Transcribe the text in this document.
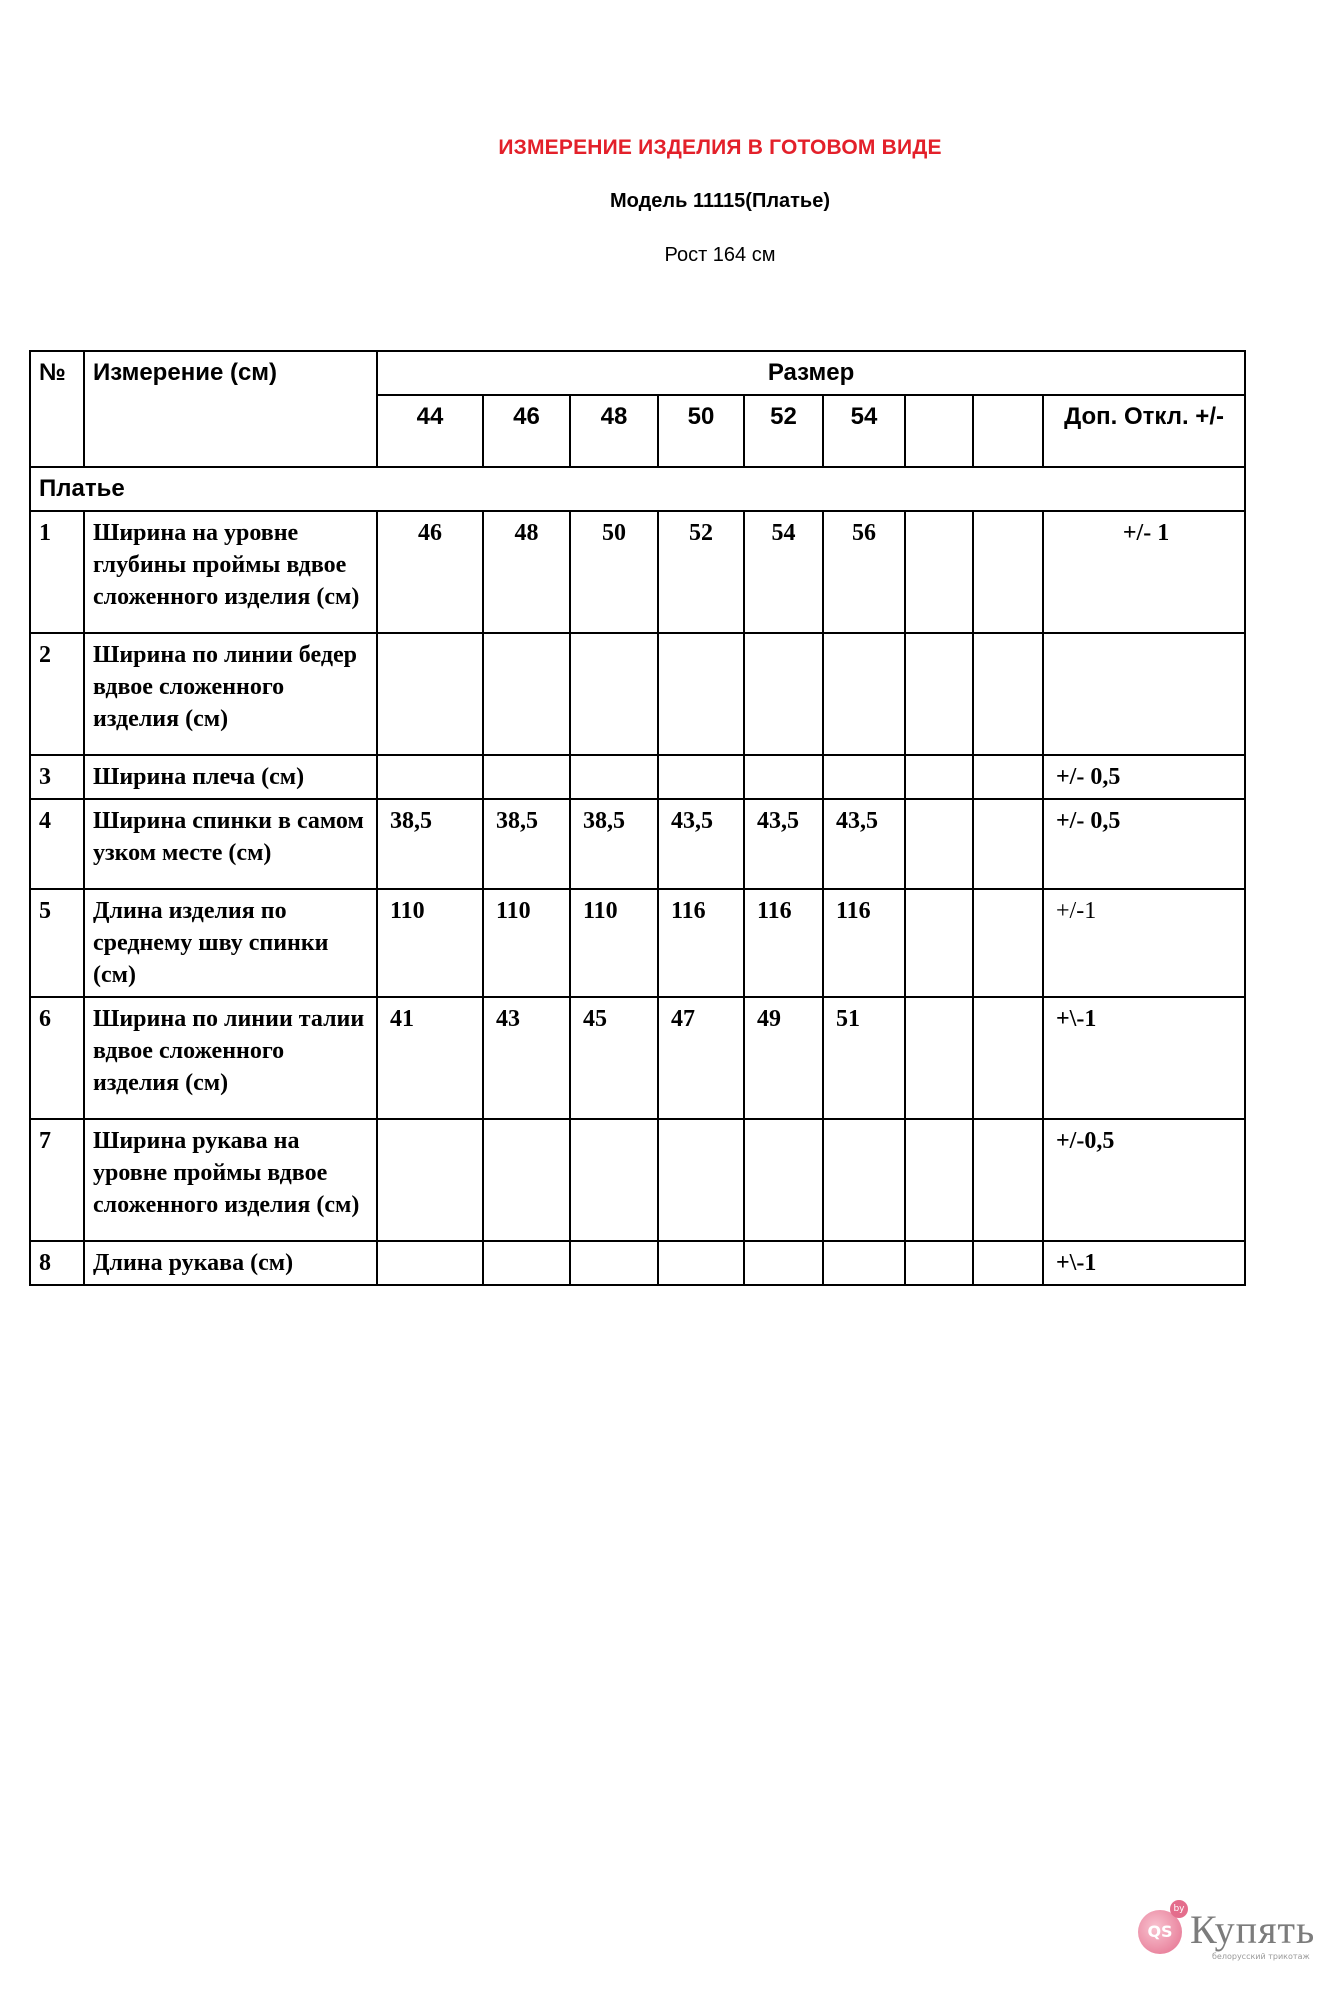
ИЗМЕРЕНИЕ ИЗДЕЛИЯ В ГОТОВОМ ВИДЕ
Модель 11115(Платье)
Рост 164 см
№	Измерение (см)	Размер								
		44	46	48	50	52	54			Доп. Откл. +/-
Платье										
1	Ширина на уровне глубины проймы вдвое сложенного изделия (см)	46	48	50	52	54	56			+/- 1
2	Ширина по линии бедер вдвое сложенного изделия (см)									
3	Ширина плеча (см)									+/- 0,5
4	Ширина спинки в самом узком месте (см)	38,5	38,5	38,5	43,5	43,5	43,5			+/- 0,5
5	Длина изделия по среднему шву спинки (см)	110	110	110	116	116	116			+/-1
6	Ширина по линии талии вдвое сложенного изделия (см)	41	43	45	47	49	51			+\-1
7	Ширина рукава на уровне проймы вдвое сложенного изделия (см)									+/-0,5
8	Длина рукава (см)									+\-1
QS
by Купять
белорусский трикотаж
